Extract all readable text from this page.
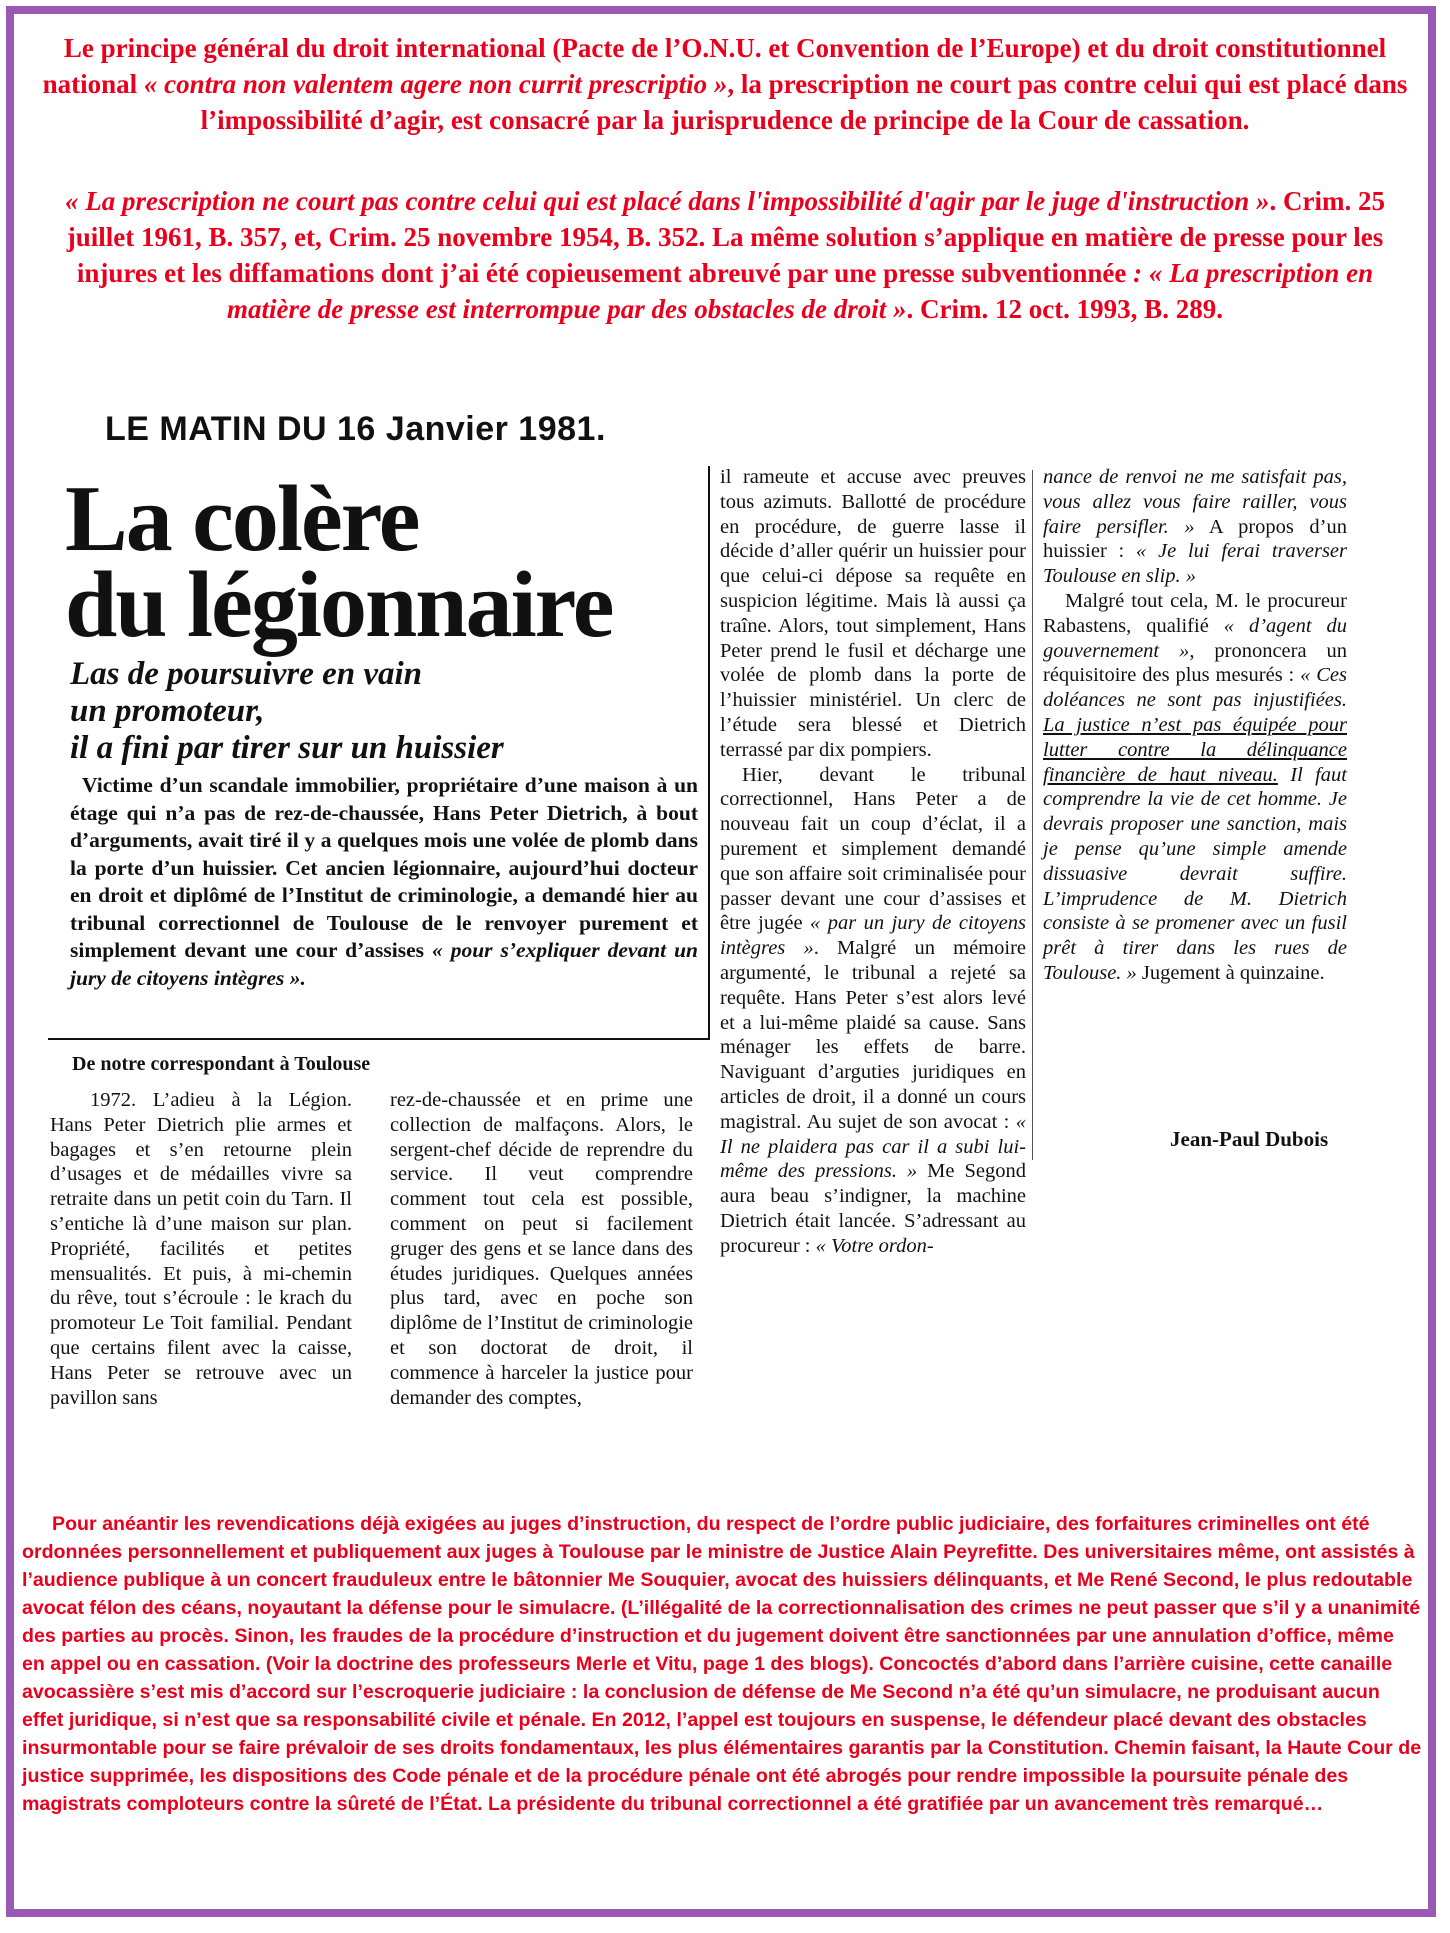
Le principe général du droit international (Pacte de l’O.N.U. et Convention de l’Europe) et du droit constitutionnel national « contra non valentem agere non currit prescriptio », la prescription ne court pas contre celui qui est placé dans l’impossibilité d’agir, est consacré par la jurisprudence de principe de la Cour de cassation.
« La prescription ne court pas contre celui qui est placé dans l'impossibilité d'agir par le juge d'instruction ». Crim. 25 juillet 1961, B. 357, et, Crim. 25 novembre 1954, B. 352. La même solution s’applique en matière de presse pour les injures et les diffamations dont j’ai été copieusement abreuvé par une presse subventionnée : « La prescription en matière de presse est interrompue par des obstacles de droit ». Crim. 12 oct. 1993, B. 289.
LE MATIN DU 16 Janvier 1981.
La colère
du légionnaire
Las de poursuivre en vain
un promoteur,
il a fini par tirer sur un huissier
Victime d’un scandale immobilier, propriétaire d’une maison à un étage qui n’a pas de rez-de-chaussée, Hans Peter Dietrich, à bout d’arguments, avait tiré il y a quelques mois une volée de plomb dans la porte d’un huissier. Cet ancien légionnaire, aujourd’hui docteur en droit et diplômé de l’Institut de criminologie, a demandé hier au tribunal correctionnel de Toulouse de le renvoyer purement et simplement devant une cour d’assises « pour s’expliquer devant un jury de citoyens intègres ».
De notre correspondant à Toulouse

1972. L’adieu à la Légion. Hans Peter Dietrich plie armes et bagages et s’en retourne plein d’usages et de médailles vivre sa retraite dans un petit coin du Tarn. Il s’entiche là d’une maison sur plan. Propriété, facilités et petites mensualités. Et puis, à mi-chemin du rêve, tout s’écroule : le krach du promoteur Le Toit familial. Pendant que certains filent avec la caisse, Hans Peter se retrouve avec un pavillon sans

rez-de-chaussée et en prime une collection de malfaçons. Alors, le sergent-chef décide de reprendre du service. Il veut comprendre comment tout cela est possible, comment on peut si facilement gruger des gens et se lance dans des études juridiques. Quelques années plus tard, avec en poche son diplôme de l’Institut de criminologie et son doctorat de droit, il commence à harceler la justice pour demander des comptes,

il rameute et accuse avec preuves tous azimuts. Ballotté de procédure en procédure, de guerre lasse il décide d’aller quérir un huissier pour que celui-ci dépose sa requête en suspicion légitime. Mais là aussi ça traîne. Alors, tout simplement, Hans Peter prend le fusil et décharge une volée de plomb dans la porte de l’huissier ministériel. Un clerc de l’étude sera blessé et Dietrich terrassé par dix pompiers.

Hier, devant le tribunal correctionnel, Hans Peter a de nouveau fait un coup d’éclat, il a purement et simplement demandé que son affaire soit criminalisée pour passer devant une cour d’assises et être jugée « par un jury de citoyens intègres ». Malgré un mémoire argumenté, le tribunal a rejeté sa requête. Hans Peter s’est alors levé et a lui-même plaidé sa cause. Sans ménager les effets de barre. Naviguant d’arguties juridiques en articles de droit, il a donné un cours magistral. Au sujet de son avocat : « Il ne plaidera pas car il a subi lui-même des pressions. » Me Segond aura beau s’indigner, la machine Dietrich était lancée. S’adressant au procureur : « Votre ordon-

nance de renvoi ne me satisfait pas, vous allez vous faire railler, vous faire persifler. » A propos d’un huissier : « Je lui ferai traverser Toulouse en slip. »

Malgré tout cela, M. le procureur Rabastens, qualifié « d’agent du gouvernement », prononcera un réquisitoire des plus mesurés : « Ces doléances ne sont pas injustifiées. La justice n’est pas équipée pour lutter contre la délinquance financière de haut niveau. Il faut comprendre la vie de cet homme. Je devrais proposer une sanction, mais je pense qu’une simple amende dissuasive devrait suffire. L’imprudence de M. Dietrich consiste à se promener avec un fusil prêt à tirer dans les rues de Toulouse. » Jugement à quinzaine.

Jean-Paul Dubois
Pour anéantir les revendications déjà exigées au juges d’instruction, du respect de l’ordre public judiciaire, des forfaitures criminelles ont été ordonnées personnellement et publiquement aux juges à Toulouse par le ministre de Justice Alain Peyrefitte. Des universitaires même, ont assistés à l’audience publique à un concert frauduleux entre le bâtonnier Me Souquier, avocat des huissiers délinquants, et Me René Second, le plus redoutable avocat félon des céans, noyautant la défense pour le simulacre. (L’illégalité de la correctionnalisation des crimes ne peut passer que s’il y a unanimité des parties au procès. Sinon, les fraudes de la procédure d’instruction et du jugement doivent être sanctionnées par une annulation d’office, même en appel ou en cassation. (Voir la doctrine des professeurs Merle et Vitu, page 1 des blogs). Concoctés d’abord dans l’arrière cuisine, cette canaille avocassière s’est mis d’accord sur l’escroquerie judiciaire : la conclusion de défense de Me Second n’a été qu’un simulacre, ne produisant aucun effet juridique, si n’est que sa responsabilité civile et pénale. En 2012, l’appel est toujours en suspense, le défendeur placé devant des obstacles insurmontable pour se faire prévaloir de ses droits fondamentaux, les plus élémentaires garantis par la Constitution. Chemin faisant, la Haute Cour de justice supprimée, les dispositions des Code pénale et de la procédure pénale ont été abrogés pour rendre impossible la poursuite pénale des magistrats comploteurs contre la sûreté de l’État. La présidente du tribunal correctionnel a été gratifiée par un avancement très remarqué…
